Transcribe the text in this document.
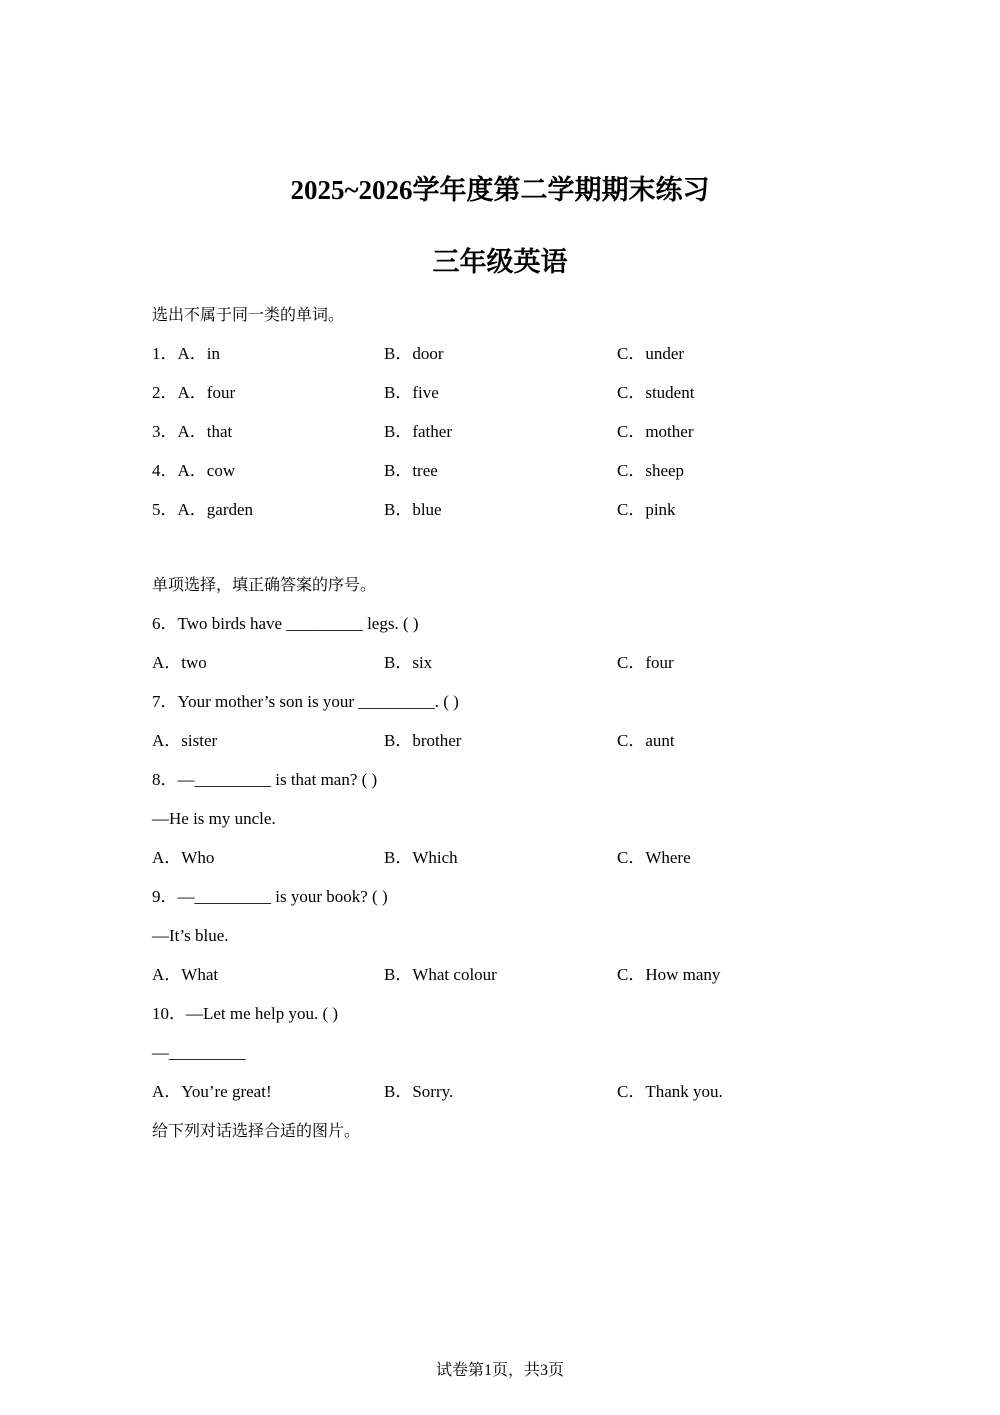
2025~2026学年度第二学期期末练习
三年级英语
选出不属于同一类的单词。
1．A．in	B．door	C．under
2．A．four	B．five	C．student
3．A．that	B．father	C．mother
4．A．cow	B．tree	C．sheep
5．A．garden	B．blue	C．pink
单项选择，填正确答案的序号。
6．Two birds have _________ legs. ( )
A．two	B．six	C．four
7．Your mother’s son is your _________. ( )
A．sister	B．brother	C．aunt
8．—_________ is that man? ( )
—He is my uncle.
A．Who	B．Which	C．Where
9．—_________ is your book? ( )
—It’s blue.
A．What	B．What colour	C．How many
10．—Let me help you. ( )
—_________
A．You’re great!	B．Sorry.	C．Thank you.
给下列对话选择合适的图片。
试卷第1页，共3页
